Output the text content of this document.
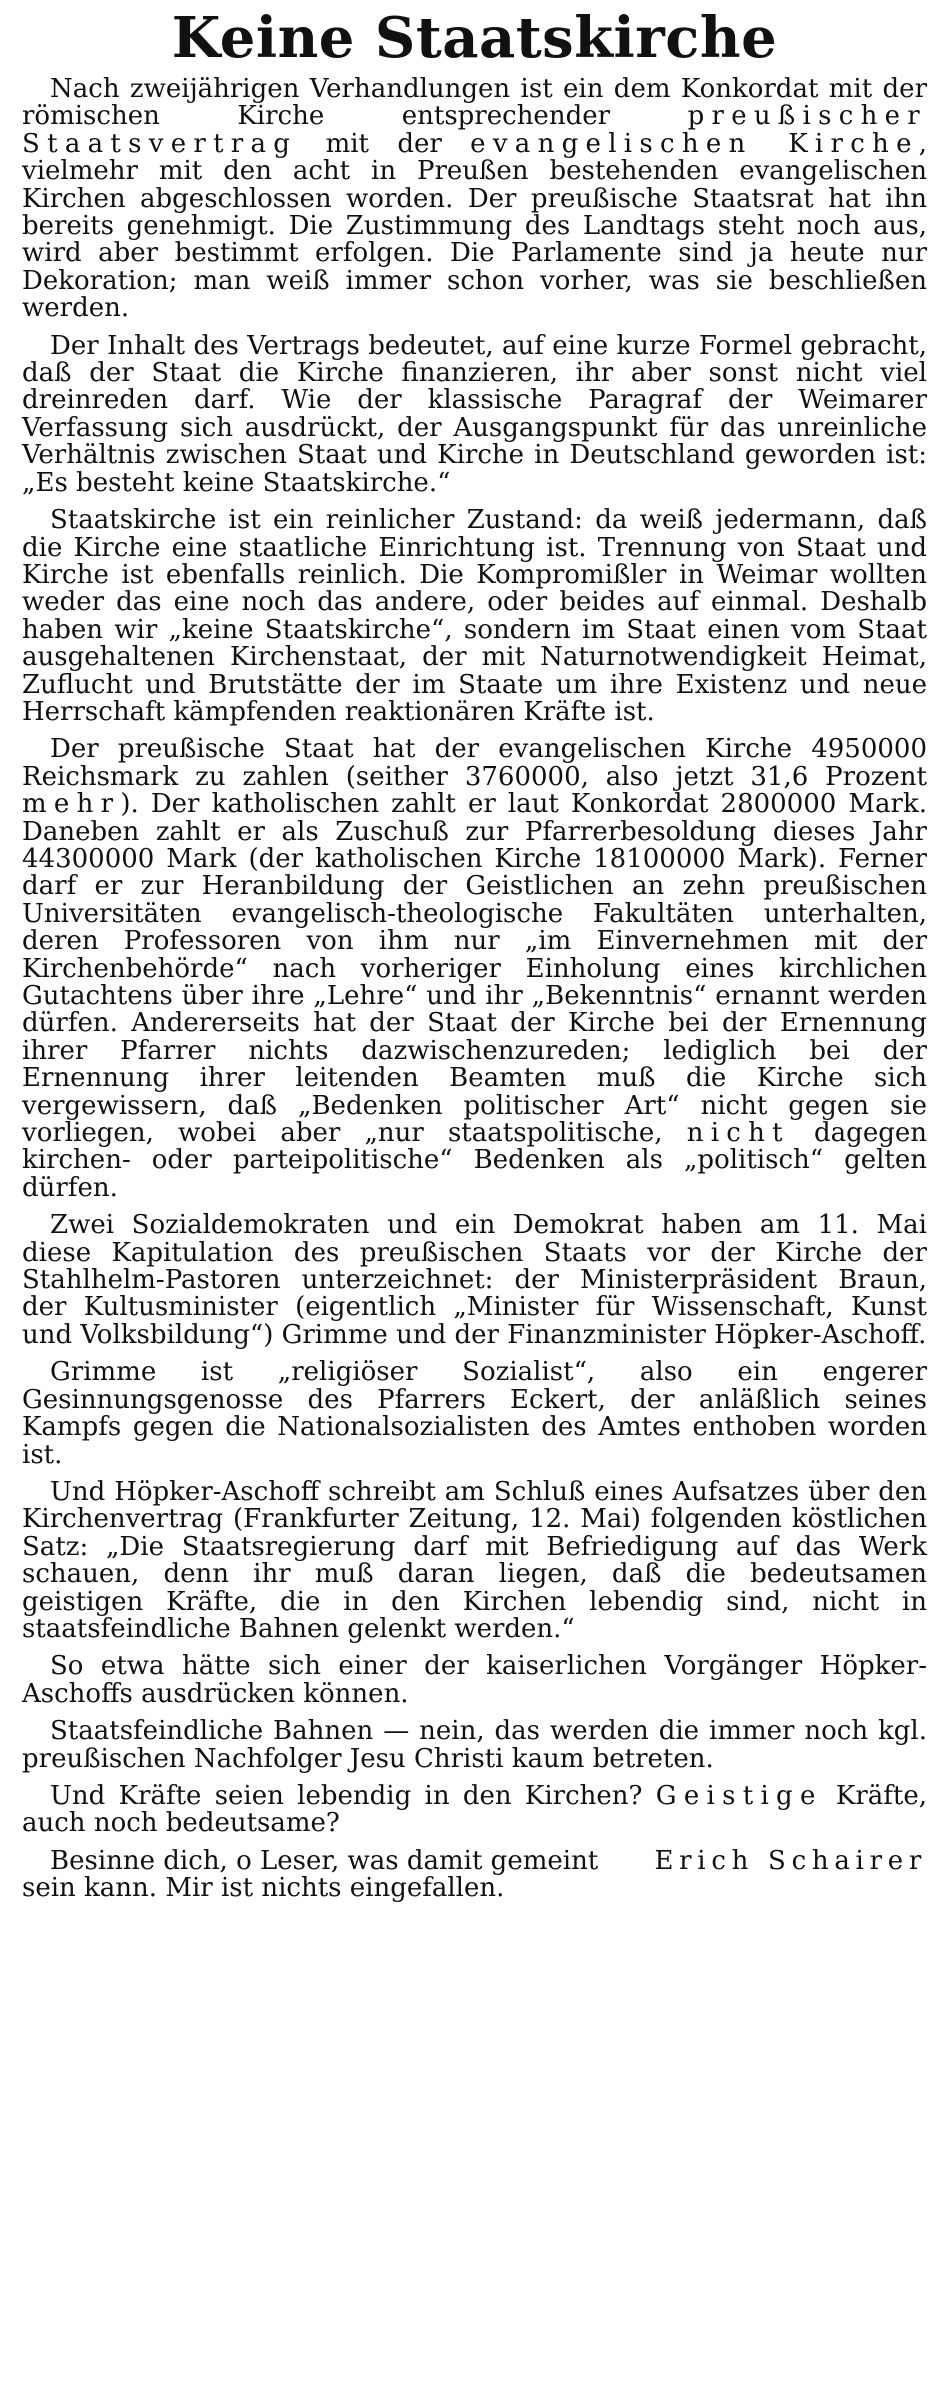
Keine Staatskirche

Nach zweijährigen Verhandlungen ist ein dem Konkordat mit der römischen Kirche entsprechender preußischer Staatsvertrag mit der evangelischen Kirche, vielmehr mit den acht in Preußen bestehenden evangelischen Kirchen abgeschlossen worden. Der preußische Staatsrat hat ihn bereits genehmigt. Die Zustimmung des Landtags steht noch aus, wird aber bestimmt erfolgen. Die Parlamente sind ja heute nur Dekoration; man weiß immer schon vorher, was sie beschließen werden.

Der Inhalt des Vertrags bedeutet, auf eine kurze Formel gebracht, daß der Staat die Kirche finanzieren, ihr aber sonst nicht viel dreinreden darf. Wie der klassische Paragraf der Weimarer Verfassung sich ausdrückt, der Ausgangspunkt für das unreinliche Verhältnis zwischen Staat und Kirche in Deutschland geworden ist: „Es besteht keine Staatskirche.“

Staatskirche ist ein reinlicher Zustand: da weiß jedermann, daß die Kirche eine staatliche Einrichtung ist. Trennung von Staat und Kirche ist ebenfalls reinlich. Die Kompromißler in Weimar wollten weder das eine noch das andere, oder beides auf einmal. Deshalb haben wir „keine Staatskirche“, sondern im Staat einen vom Staat ausgehaltenen Kirchenstaat, der mit Naturnotwendigkeit Heimat, Zuflucht und Brutstätte der im Staate um ihre Existenz und neue Herrschaft kämpfenden reaktionären Kräfte ist.

Der preußische Staat hat der evangelischen Kirche 4950000 Reichsmark zu zahlen (seither 3760000, also jetzt 31,6 Prozent mehr). Der katholischen zahlt er laut Konkordat 2800000 Mark. Daneben zahlt er als Zuschuß zur Pfarrerbesoldung dieses Jahr 44300000 Mark (der katholischen Kirche 18100000 Mark). Ferner darf er zur Heranbildung der Geistlichen an zehn preußischen Universitäten evangelisch-theologische Fakultäten unterhalten, deren Professoren von ihm nur „im Einvernehmen mit der Kirchenbehörde“ nach vorheriger Einholung eines kirchlichen Gutachtens über ihre „Lehre“ und ihr „Bekenntnis“ ernannt werden dürfen. Andererseits hat der Staat der Kirche bei der Ernennung ihrer Pfarrer nichts dazwischenzureden; lediglich bei der Ernennung ihrer leitenden Beamten muß die Kirche sich vergewissern, daß „Bedenken politischer Art“ nicht gegen sie vorliegen, wobei aber „nur staatspolitische, nicht dagegen kirchen- oder parteipolitische“ Bedenken als „politisch“ gelten dürfen.

Zwei Sozialdemokraten und ein Demokrat haben am 11. Mai diese Kapitulation des preußischen Staats vor der Kirche der Stahlhelm-Pastoren unterzeichnet: der Ministerpräsident Braun, der Kultusminister (eigentlich „Minister für Wissenschaft, Kunst und Volksbildung“) Grimme und der Finanzminister Höpker-Aschoff.

Grimme ist „religiöser Sozialist“, also ein engerer Gesinnungsgenosse des Pfarrers Eckert, der anläßlich seines Kampfs gegen die Nationalsozialisten des Amtes enthoben worden ist.

Und Höpker-Aschoff schreibt am Schluß eines Aufsatzes über den Kirchenvertrag (Frankfurter Zeitung, 12. Mai) folgenden köstlichen Satz: „Die Staatsregierung darf mit Befriedigung auf das Werk schauen, denn ihr muß daran liegen, daß die bedeutsamen geistigen Kräfte, die in den Kirchen lebendig sind, nicht in staatsfeindliche Bahnen gelenkt werden.“

So etwa hätte sich einer der kaiserlichen Vorgänger Höpker-Aschoffs ausdrücken können.

Staatsfeindliche Bahnen — nein, das werden die immer noch kgl. preußischen Nachfolger Jesu Christi kaum betreten.

Und Kräfte seien lebendig in den Kirchen? Geistige Kräfte, auch noch bedeutsame?

Besinne dich, o Leser, was damit gemeint sein kann. Mir ist nichts eingefallen.
Erich Schairer
